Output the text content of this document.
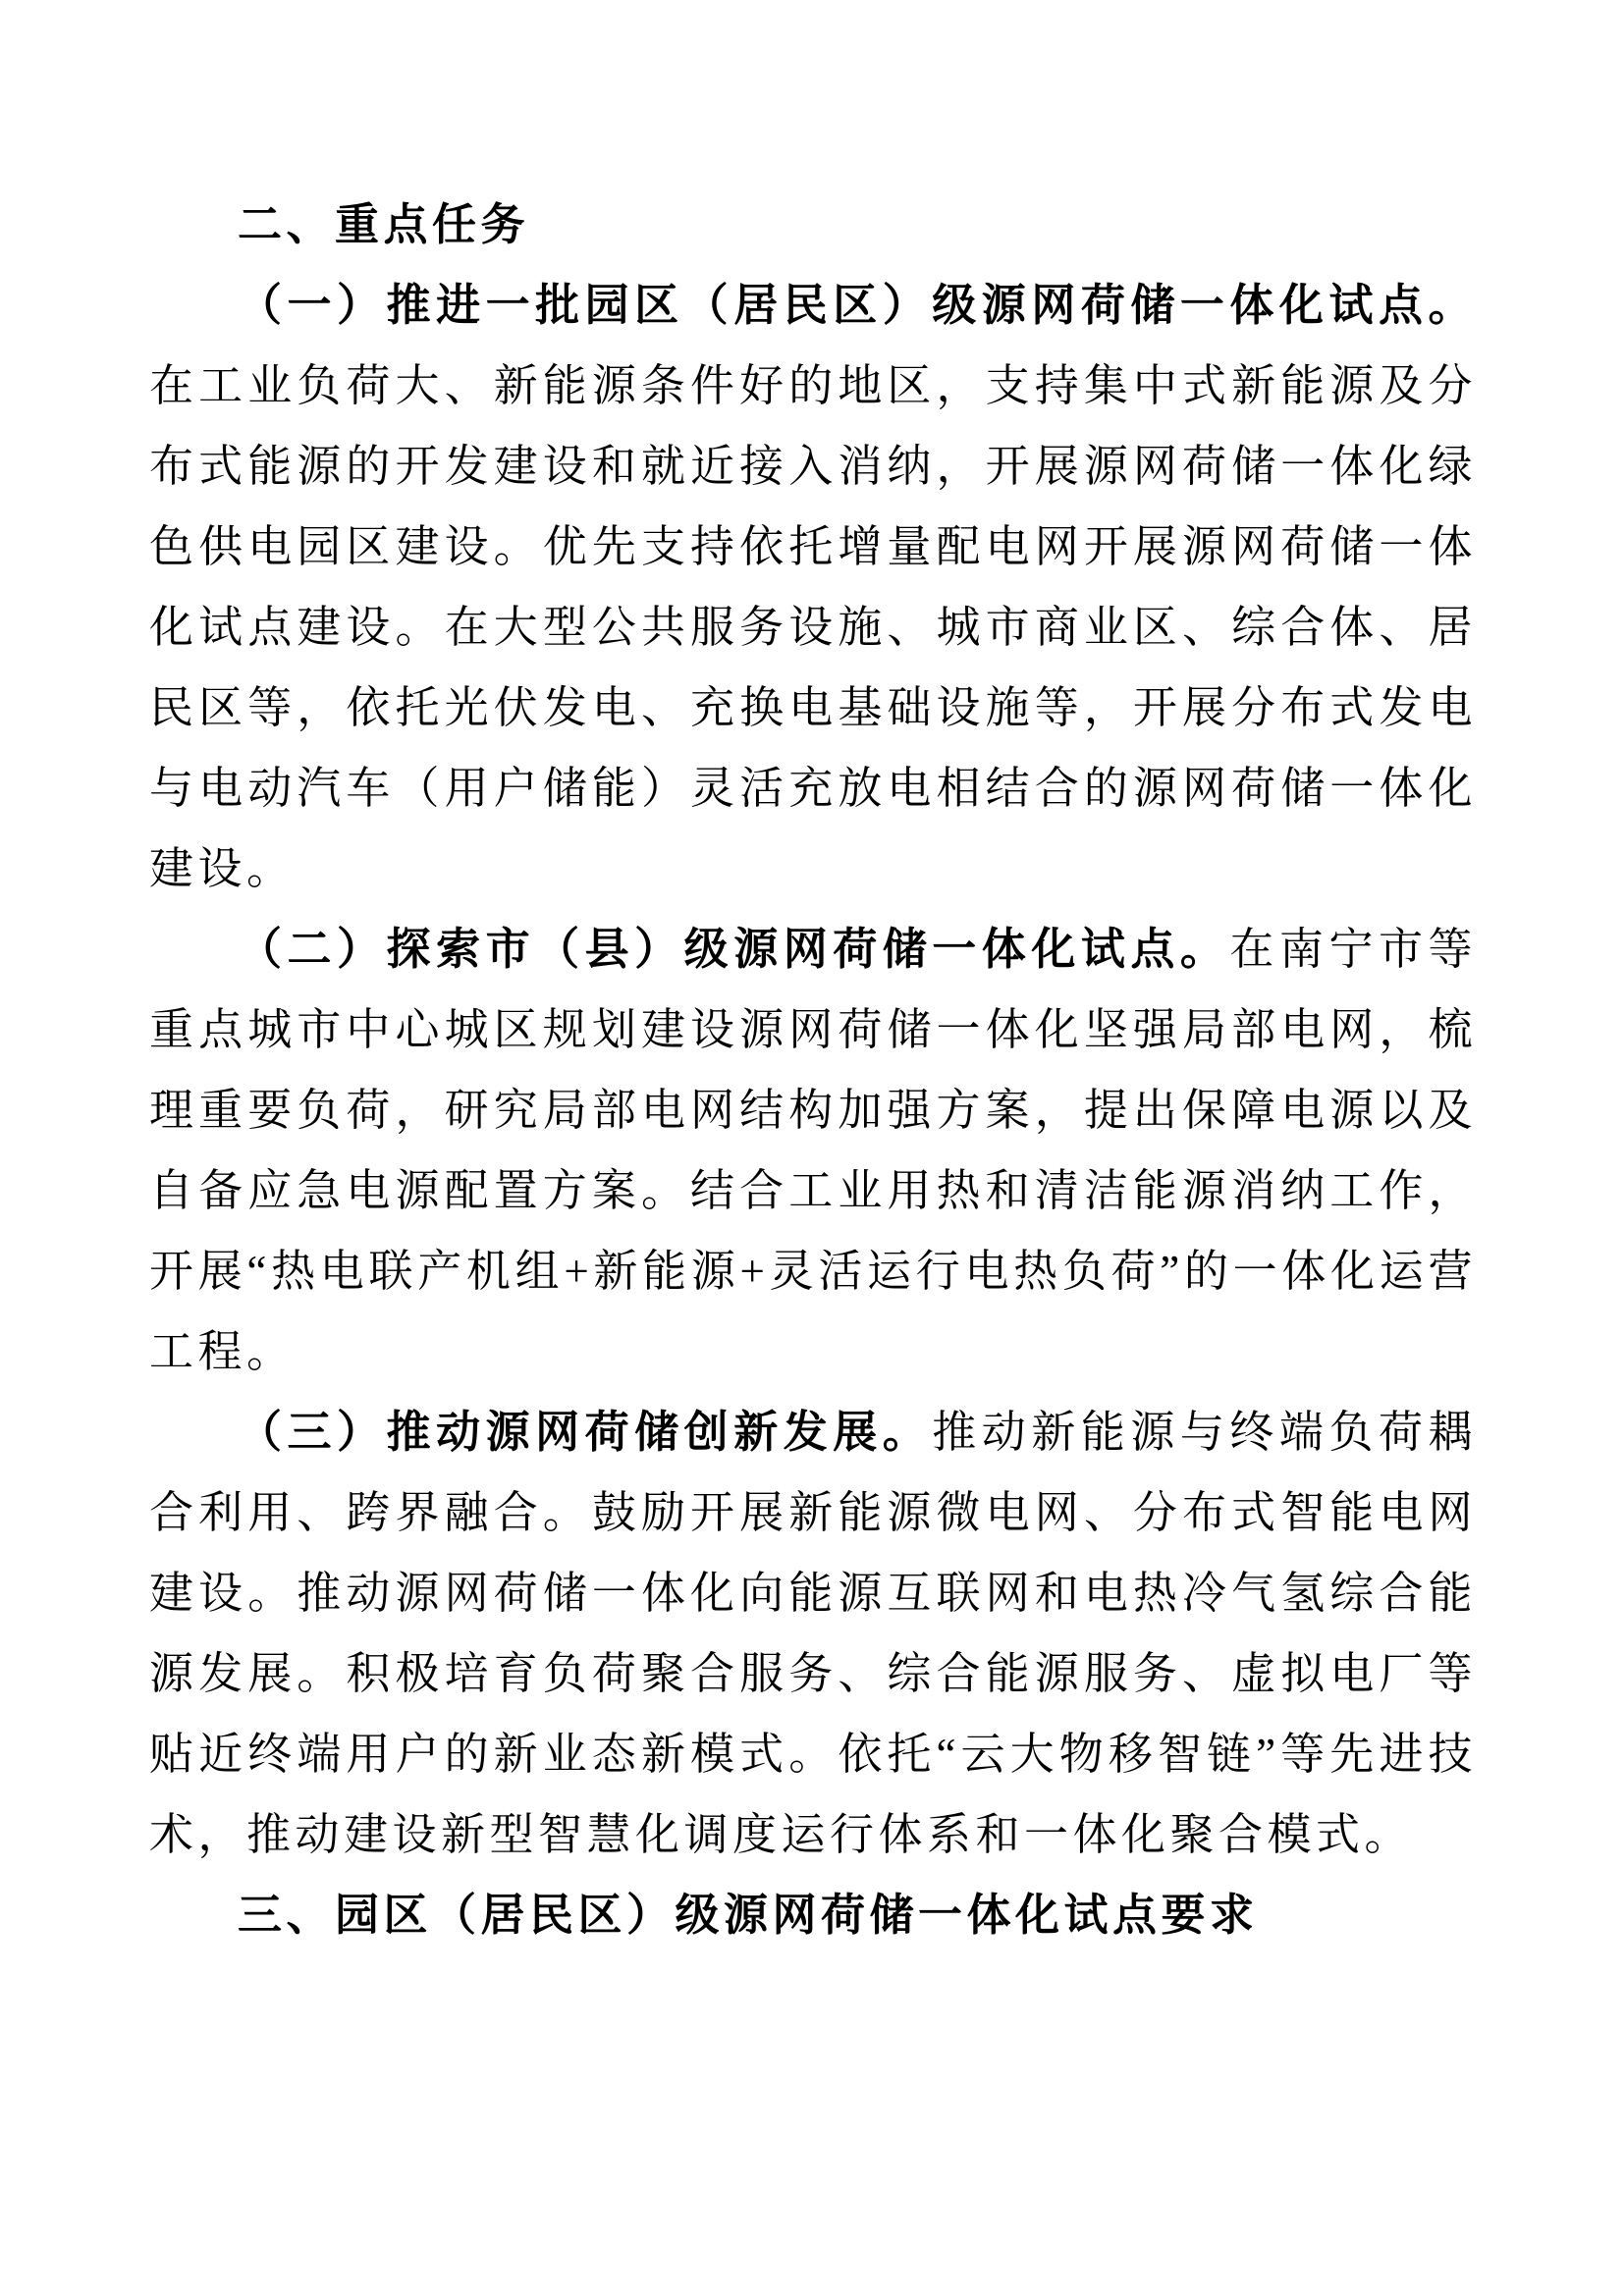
二、重点任务

（一）推进一批园区（居民区）级源网荷储一体化试点。在工业负荷大、新能源条件好的地区，支持集中式新能源及分布式能源的开发建设和就近接入消纳，开展源网荷储一体化绿色供电园区建设。优先支持依托增量配电网开展源网荷储一体化试点建设。在大型公共服务设施、城市商业区、综合体、居民区等，依托光伏发电、充换电基础设施等，开展分布式发电与电动汽车（用户储能）灵活充放电相结合的源网荷储一体化建设。

（二）探索市（县）级源网荷储一体化试点。在南宁市等重点城市中心城区规划建设源网荷储一体化坚强局部电网，梳理重要负荷，研究局部电网结构加强方案，提出保障电源以及自备应急电源配置方案。结合工业用热和清洁能源消纳工作，开展“热电联产机组+新能源+灵活运行电热负荷”的一体化运营工程。

（三）推动源网荷储创新发展。推动新能源与终端负荷耦合利用、跨界融合。鼓励开展新能源微电网、分布式智能电网建设。推动源网荷储一体化向能源互联网和电热冷气氢综合能源发展。积极培育负荷聚合服务、综合能源服务、虚拟电厂等贴近终端用户的新业态新模式。依托“云大物移智链”等先进技术，推动建设新型智慧化调度运行体系和一体化聚合模式。

三、园区（居民区）级源网荷储一体化试点要求
